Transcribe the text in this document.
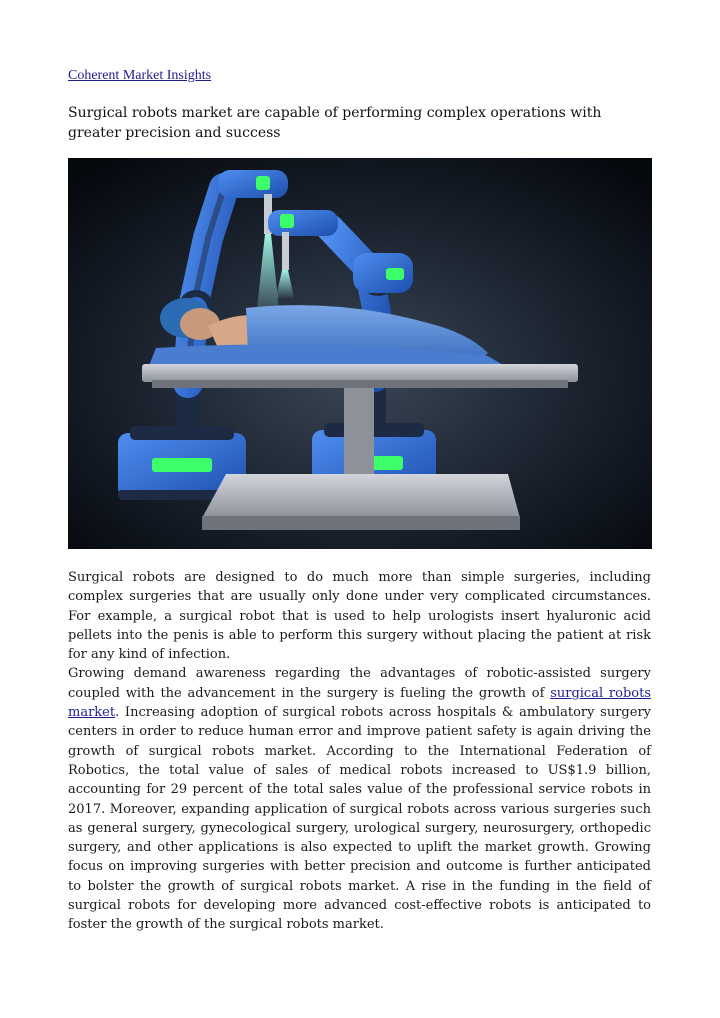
Coherent Market Insights
Surgical robots market are capable of performing complex operations with greater precision and success

Surgical robots are designed to do much more than simple surgeries, including complex surgeries that are usually only done under very complicated circumstances. For example, a surgical robot that is used to help urologists insert hyaluronic acid pellets into the penis is able to perform this surgery without placing the patient at risk for any kind of infection.

Growing demand awareness regarding the advantages of robotic-assisted surgery coupled with the advancement in the surgery is fueling the growth of surgical robots market. Increasing adoption of surgical robots across hospitals & ambulatory surgery centers in order to reduce human error and improve patient safety is again driving the growth of surgical robots market. According to the International Federation of Robotics, the total value of sales of medical robots increased to US$1.9 billion, accounting for 29 percent of the total sales value of the professional service robots in 2017. Moreover, expanding application of surgical robots across various surgeries such as general surgery, gynecological surgery, urological surgery, neurosurgery, orthopedic surgery, and other applications is also expected to uplift the market growth. Growing focus on improving surgeries with better precision and outcome is further anticipated to bolster the growth of surgical robots market. A rise in the funding in the field of surgical robots for developing more advanced cost-effective robots is anticipated to foster the growth of the surgical robots market.
